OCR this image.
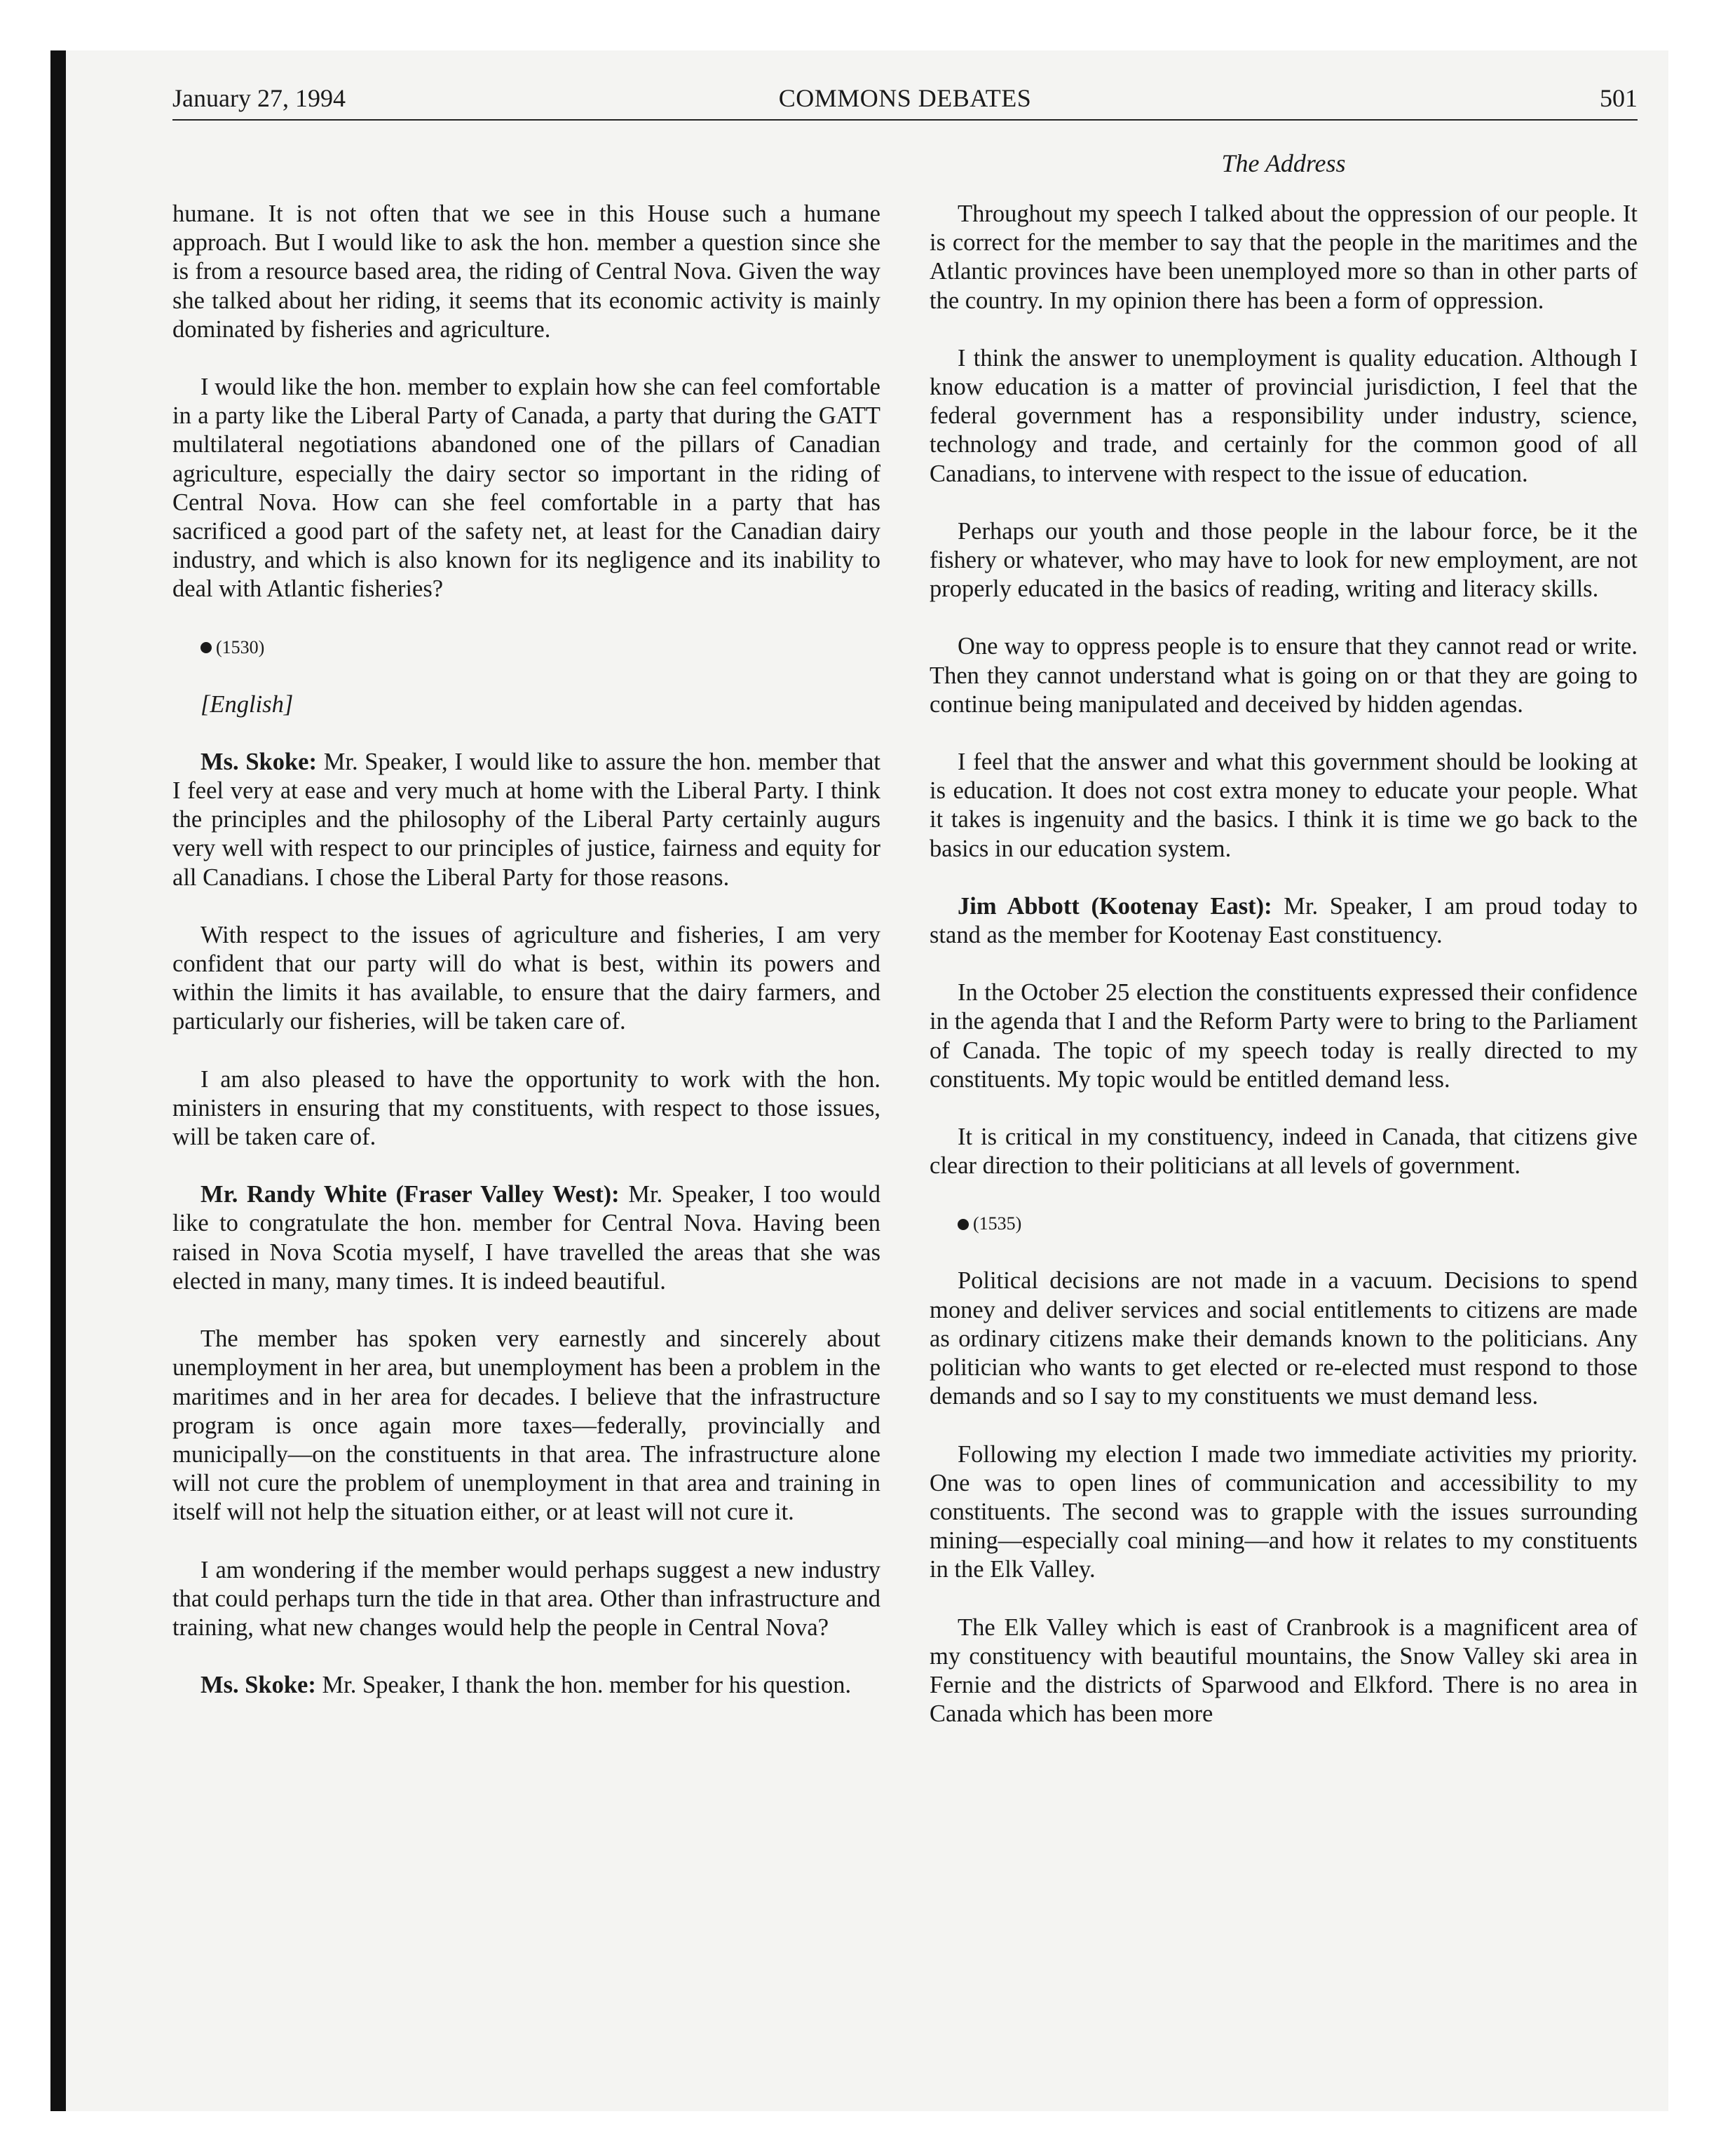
January 27, 1994	COMMONS DEBATES	501
The Address

humane. It is not often that we see in this House such a humane approach. But I would like to ask the hon. member a question since she is from a resource based area, the riding of Central Nova. Given the way she talked about her riding, it seems that its economic activity is mainly dominated by fisheries and agriculture.

I would like the hon. member to explain how she can feel comfortable in a party like the Liberal Party of Canada, a party that during the GATT multilateral negotiations abandoned one of the pillars of Canadian agriculture, especially the dairy sector so important in the riding of Central Nova. How can she feel comfortable in a party that has sacrificed a good part of the safety net, at least for the Canadian dairy industry, and which is also known for its negligence and its inability to deal with Atlantic fisheries?

(1530)

[English]

Ms. Skoke: Mr. Speaker, I would like to assure the hon. member that I feel very at ease and very much at home with the Liberal Party. I think the principles and the philosophy of the Liberal Party certainly augurs very well with respect to our principles of justice, fairness and equity for all Canadians. I chose the Liberal Party for those reasons.

With respect to the issues of agriculture and fisheries, I am very confident that our party will do what is best, within its powers and within the limits it has available, to ensure that the dairy farmers, and particularly our fisheries, will be taken care of.

I am also pleased to have the opportunity to work with the hon. ministers in ensuring that my constituents, with respect to those issues, will be taken care of.

Mr. Randy White (Fraser Valley West): Mr. Speaker, I too would like to congratulate the hon. member for Central Nova. Having been raised in Nova Scotia myself, I have travelled the areas that she was elected in many, many times. It is indeed beautiful.

The member has spoken very earnestly and sincerely about unemployment in her area, but unemployment has been a problem in the maritimes and in her area for decades. I believe that the infrastructure program is once again more taxes—federally, provincially and municipally—on the constituents in that area. The infrastructure alone will not cure the problem of unemployment in that area and training in itself will not help the situation either, or at least will not cure it.

I am wondering if the member would perhaps suggest a new industry that could perhaps turn the tide in that area. Other than infrastructure and training, what new changes would help the people in Central Nova?

Ms. Skoke: Mr. Speaker, I thank the hon. member for his question.

Throughout my speech I talked about the oppression of our people. It is correct for the member to say that the people in the maritimes and the Atlantic provinces have been unemployed more so than in other parts of the country. In my opinion there has been a form of oppression.

I think the answer to unemployment is quality education. Although I know education is a matter of provincial jurisdiction, I feel that the federal government has a responsibility under industry, science, technology and trade, and certainly for the common good of all Canadians, to intervene with respect to the issue of education.

Perhaps our youth and those people in the labour force, be it the fishery or whatever, who may have to look for new employment, are not properly educated in the basics of reading, writing and literacy skills.

One way to oppress people is to ensure that they cannot read or write. Then they cannot understand what is going on or that they are going to continue being manipulated and deceived by hidden agendas.

I feel that the answer and what this government should be looking at is education. It does not cost extra money to educate your people. What it takes is ingenuity and the basics. I think it is time we go back to the basics in our education system.

Jim Abbott (Kootenay East): Mr. Speaker, I am proud today to stand as the member for Kootenay East constituency.

In the October 25 election the constituents expressed their confidence in the agenda that I and the Reform Party were to bring to the Parliament of Canada. The topic of my speech today is really directed to my constituents. My topic would be entitled demand less.

It is critical in my constituency, indeed in Canada, that citizens give clear direction to their politicians at all levels of government.

(1535)

Political decisions are not made in a vacuum. Decisions to spend money and deliver services and social entitlements to citizens are made as ordinary citizens make their demands known to the politicians. Any politician who wants to get elected or re-elected must respond to those demands and so I say to my constituents we must demand less.

Following my election I made two immediate activities my priority. One was to open lines of communication and accessibility to my constituents. The second was to grapple with the issues surrounding mining—especially coal mining—and how it relates to my constituents in the Elk Valley.

The Elk Valley which is east of Cranbrook is a magnificent area of my constituency with beautiful mountains, the Snow Valley ski area in Fernie and the districts of Sparwood and Elkford. There is no area in Canada which has been more
